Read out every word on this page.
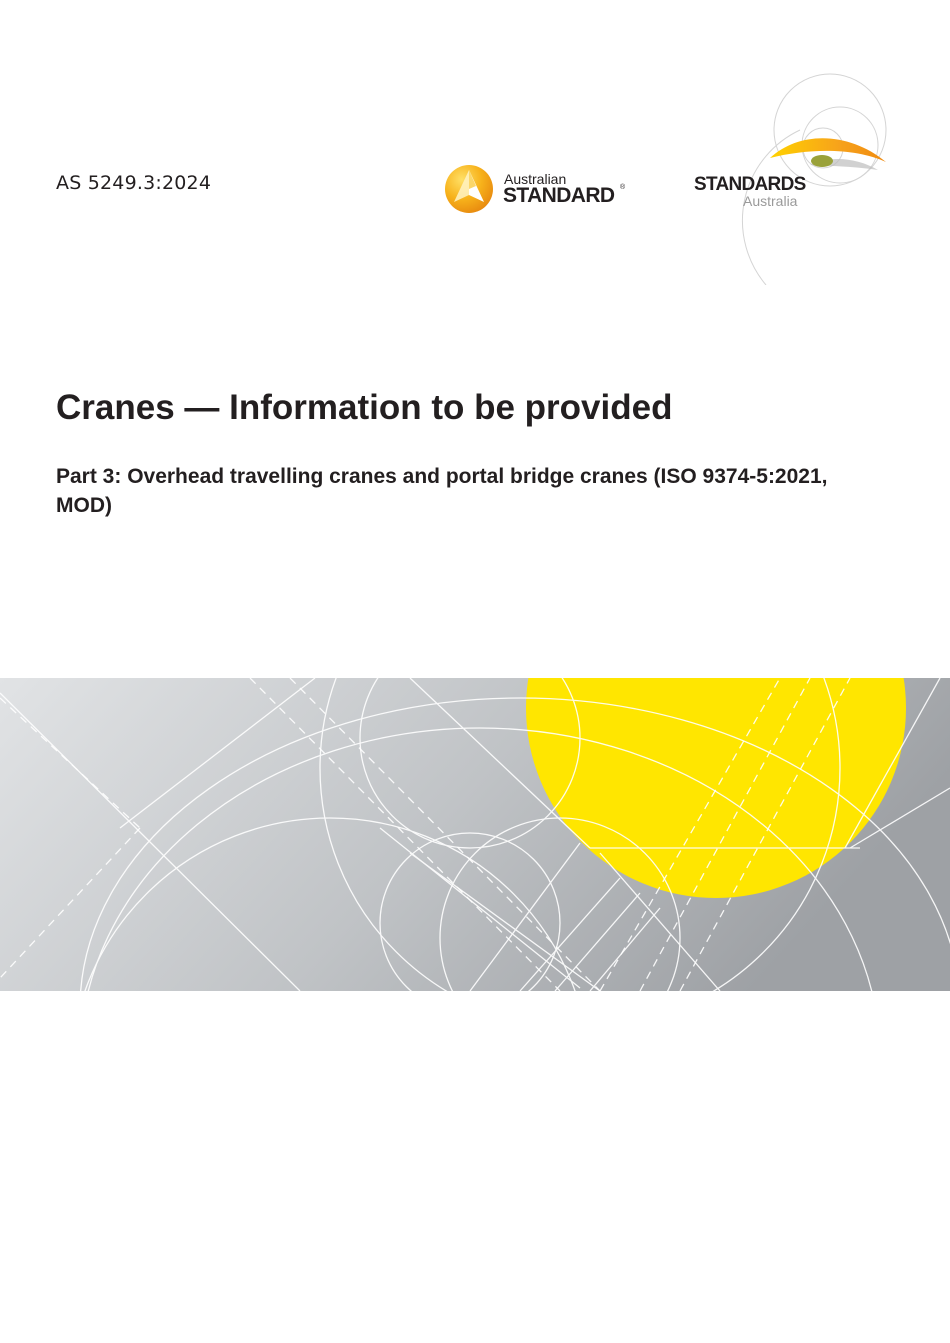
AS 5249.3:2024	Australian
STANDARD ®	STANDARDS
Australia
Cranes — Information to be provided
Part 3: Overhead travelling cranes and portal bridge cranes (ISO 9374-5:2021, MOD)
